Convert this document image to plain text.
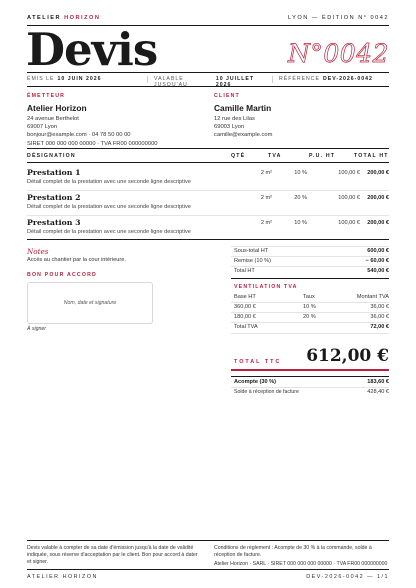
ATELIER HORIZON	LYON — ÉDITION N° 0042
Devis	N°0042
ÉMIS LE 10 JUIN 2026	VALABLE JUSQU'AU
10 JUILLET 2026
RÉFÉRENCE DEV-2026-0042
ÉMETTEUR
Atelier Horizon
24 avenue Berthelot
69007 Lyon
bonjour@example.com · 04 78 50 00 00
SIRET 000 000 000 00000 · TVA FR00 000000000
CLIENT
Camille Martin
12 rue des Lilas
69003 Lyon
camille@example.com
DÉSIGNATION	QTÉ	TVA	P.U. HT	TOTAL HT
Prestation 1
Détail complet de la prestation avec une seconde ligne descriptive
2 m²	10 %	100,00 €	200,00 €
Prestation 2
Détail complet de la prestation avec une seconde ligne descriptive
2 m²	20 %	100,00 €	200,00 €
Prestation 3
Détail complet de la prestation avec une seconde ligne descriptive
2 m²	10 %	100,00 €	200,00 €
Notes
Accès au chantier par la cour intérieure.
BON POUR ACCORD
Nom, date et signature
À signer
Sous-total HT	600,00 €
Remise (10 %)	− 60,00 €
Total HT	540,00 €
VENTILATION TVA
Base HT	Taux	Montant TVA
360,00 €	10 %	36,00 €
180,00 €	20 %	36,00 €
Total TVA	72,00 €
TOTAL TTC 612,00 €
Acompte (30 %)	183,60 €
Solde à réception de facture	428,40 €
Devis valable à compter de sa date d'émission jusqu'à la date de validité indiquée, sous réserve d'acceptation par le client. Bon pour accord à dater et signer.
Conditions de règlement : Acompte de 30 % à la commande, solde à réception de facture.
Atelier Horizon · SARL · SIRET 000 000 000 00000 · TVA FR00 000000000
ATELIER HORIZON	DEV-2026-0042 — 1/1
